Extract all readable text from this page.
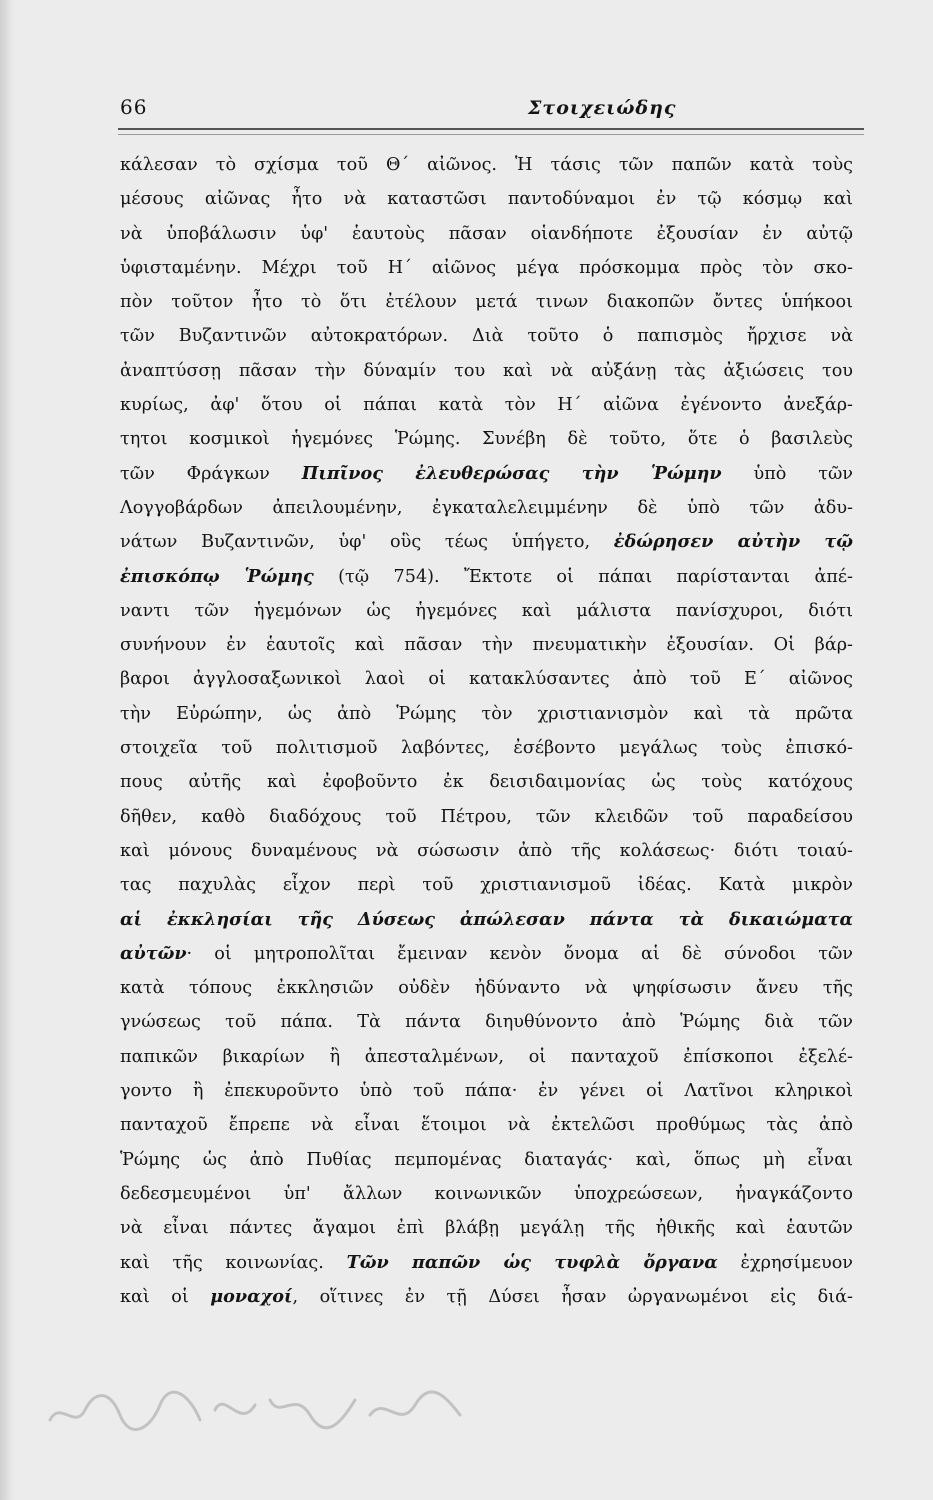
66	Στοιχειώδης
κάλεσαν τὸ σχίσμα τοῦ Θ΄ αἰῶνος. Ἡ τάσις τῶν παπῶν κατὰ τοὺς
μέσους αἰῶνας ἦτο νὰ καταστῶσι παντοδύναμοι ἐν τῷ κόσμῳ καὶ
νὰ ὑποβάλωσιν ὑφ' ἑαυτοὺς πᾶσαν οἱανδήποτε ἐξουσίαν ἐν αὐτῷ
ὑφισταμένην. Μέχρι τοῦ Η΄ αἰῶνος μέγα πρόσκομμα πρὸς τὸν σκο-
πὸν τοῦτον ἦτο τὸ ὅτι ἐτέλουν μετά τινων διακοπῶν ὄντες ὑπήκοοι
τῶν Βυζαντινῶν αὐτοκρατόρων. Διὰ τοῦτο ὁ παπισμὸς ἤρχισε νὰ
ἀναπτύσσῃ πᾶσαν τὴν δύναμίν του καὶ νὰ αὐξάνῃ τὰς ἀξιώσεις του
κυρίως, ἀφ' ὅτου οἱ πάπαι κατὰ τὸν Η΄ αἰῶνα ἐγένοντο ἀνεξάρ-
τητοι κοσμικοὶ ἡγεμόνες Ῥώμης. Συνέβη δὲ τοῦτο, ὅτε ὁ βασιλεὺς
τῶν Φράγκων Πιπῖνος ἐλευθερώσας τὴν Ῥώμην ὑπὸ τῶν
Λογγοβάρδων ἀπειλουμένην, ἐγκαταλελειμμένην δὲ ὑπὸ τῶν ἀδυ-
νάτων Βυζαντινῶν, ὑφ' οὓς τέως ὑπήγετο, ἐδώρησεν αὐτὴν τῷ
ἐπισκόπῳ Ῥώμης (τῷ 754). Ἔκτοτε οἱ πάπαι παρίστανται ἀπέ-
ναντι τῶν ἡγεμόνων ὡς ἡγεμόνες καὶ μάλιστα πανίσχυροι, διότι
συνήνουν ἐν ἑαυτοῖς καὶ πᾶσαν τὴν πνευματικὴν ἐξουσίαν. Οἱ βάρ-
βαροι ἀγγλοσαξωνικοὶ λαοὶ οἱ κατακλύσαντες ἀπὸ τοῦ Ε΄ αἰῶνος
τὴν Εὐρώπην, ὡς ἀπὸ Ῥώμης τὸν χριστιανισμὸν καὶ τὰ πρῶτα
στοιχεῖα τοῦ πολιτισμοῦ λαβόντες, ἐσέβοντο μεγάλως τοὺς ἐπισκό-
πους αὐτῆς καὶ ἐφοβοῦντο ἐκ δεισιδαιμονίας ὡς τοὺς κατόχους
δῆθεν, καθὸ διαδόχους τοῦ Πέτρου, τῶν κλειδῶν τοῦ παραδείσου
καὶ μόνους δυναμένους νὰ σώσωσιν ἀπὸ τῆς κολάσεως· διότι τοιαύ-
τας παχυλὰς εἶχον περὶ τοῦ χριστιανισμοῦ ἰδέας. Κατὰ μικρὸν
αἱ ἐκκλησίαι τῆς Δύσεως ἀπώλεσαν πάντα τὰ δικαιώματα
αὐτῶν· οἱ μητροπολῖται ἔμειναν κενὸν ὄνομα αἱ δὲ σύνοδοι τῶν
κατὰ τόπους ἐκκλησιῶν οὐδὲν ἠδύναντο νὰ ψηφίσωσιν ἄνευ τῆς
γνώσεως τοῦ πάπα. Τὰ πάντα διηυθύνοντο ἀπὸ Ῥώμης διὰ τῶν
παπικῶν βικαρίων ἢ ἀπεσταλμένων, οἱ πανταχοῦ ἐπίσκοποι ἐξελέ-
γοντο ἢ ἐπεκυροῦντο ὑπὸ τοῦ πάπα· ἐν γένει οἱ Λατῖνοι κληρικοὶ
πανταχοῦ ἔπρεπε νὰ εἶναι ἕτοιμοι νὰ ἐκτελῶσι προθύμως τὰς ἀπὸ
Ῥώμης ὡς ἀπὸ Πυθίας πεμπομένας διαταγάς· καὶ, ὅπως μὴ εἶναι
δεδεσμευμένοι ὑπ' ἄλλων κοινωνικῶν ὑποχρεώσεων, ἠναγκάζοντο
νὰ εἶναι πάντες ἄγαμοι ἐπὶ βλάβῃ μεγάλῃ τῆς ἠθικῆς καὶ ἑαυτῶν
καὶ τῆς κοινωνίας. Τῶν παπῶν ὡς τυφλὰ ὄργανα ἐχρησίμευον
καὶ οἱ μοναχοί, οἵτινες ἐν τῇ Δύσει ἦσαν ὠργανωμένοι εἰς διά-
